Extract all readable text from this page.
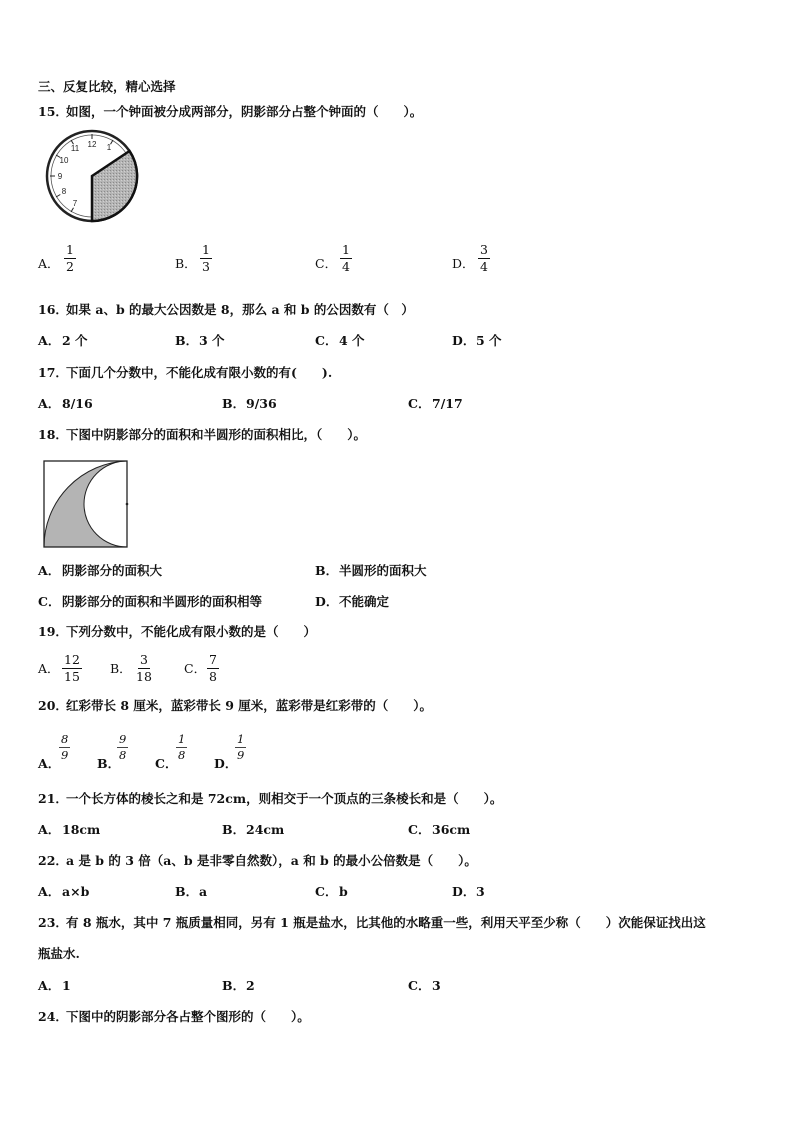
三、反复比较，精心选择
15．
如图，一个钟面被分成两部分，阴影部分占整个钟面的（　　）。
12
11
10
9
8
7
1
A． $\frac{1}{2}$	B． $\frac{1}{3}$	C． $\frac{1}{4}$	D． $\frac{3}{4}$
16．
如果 a、b 的最大公因数是 8，那么 a 和 b 的公因数有（　）
A． 2 个	B． 3 个	C． 4 个	D． 5 个
17．
下面几个分数中，不能化成有限小数的有(　　).
A． 8/16	B． 9/36	C． 7/17
18．
下图中阴影部分的面积和半圆形的面积相比，（　　）。
A． 阴影部分的面积大	B． 半圆形的面积大
C． 阴影部分的面积和半圆形的面积相等	D． 不能确定
19．
下列分数中，不能化成有限小数的是（　　）
A． $\frac{12}{15}$ B． $\frac{3}{18}$ C． $\frac{7}{8}$
20．
红彩带长 8 厘米，蓝彩带长 9 厘米，蓝彩带是红彩带的（　　）。
A．
$\frac{8}{9}$
B．
$\frac{9}{8}$
C．
$\frac{1}{8}$
D．
$\frac{1}{9}$
21．
一个长方体的棱长之和是 72cm，则相交于一个顶点的三条棱长和是（　　）。
A． 18cm	B． 24cm	C． 36cm
22．
a 是 b 的 3 倍（a、b 是非零自然数），a 和 b 的最小公倍数是（　　）。
A． a×b	B． a	C． b	D． 3
23．
有 8 瓶水，其中 7 瓶质量相同，另有 1 瓶是盐水，比其他的水略重一些，利用天平至少称（　　）次能保证找出这
瓶盐水.
A． 1	B． 2	C． 3
24．
下图中的阴影部分各占整个图形的（　　）。
